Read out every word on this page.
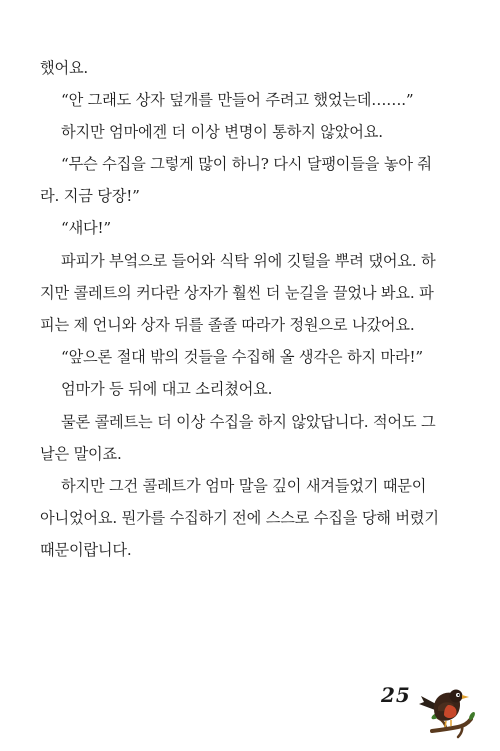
했어요.
“안 그래도 상자 덮개를 만들어 주려고 했었는데…….”
하지만 엄마에겐 더 이상 변명이 통하지 않았어요.
“무슨 수집을 그렇게 많이 하니? 다시 달팽이들을 놓아 줘
라. 지금 당장!”
“새다!”
파피가 부엌으로 들어와 식탁 위에 깃털을 뿌려 댔어요. 하
지만 콜레트의 커다란 상자가 훨씬 더 눈길을 끌었나 봐요. 파
피는 제 언니와 상자 뒤를 졸졸 따라가 정원으로 나갔어요.
“앞으론 절대 밖의 것들을 수집해 올 생각은 하지 마라!”
엄마가 등 뒤에 대고 소리쳤어요.
물론 콜레트는 더 이상 수집을 하지 않았답니다. 적어도 그
날은 말이죠.
하지만 그건 콜레트가 엄마 말을 깊이 새겨들었기 때문이
아니었어요. 뭔가를 수집하기 전에 스스로 수집을 당해 버렸기
때문이랍니다.
25
